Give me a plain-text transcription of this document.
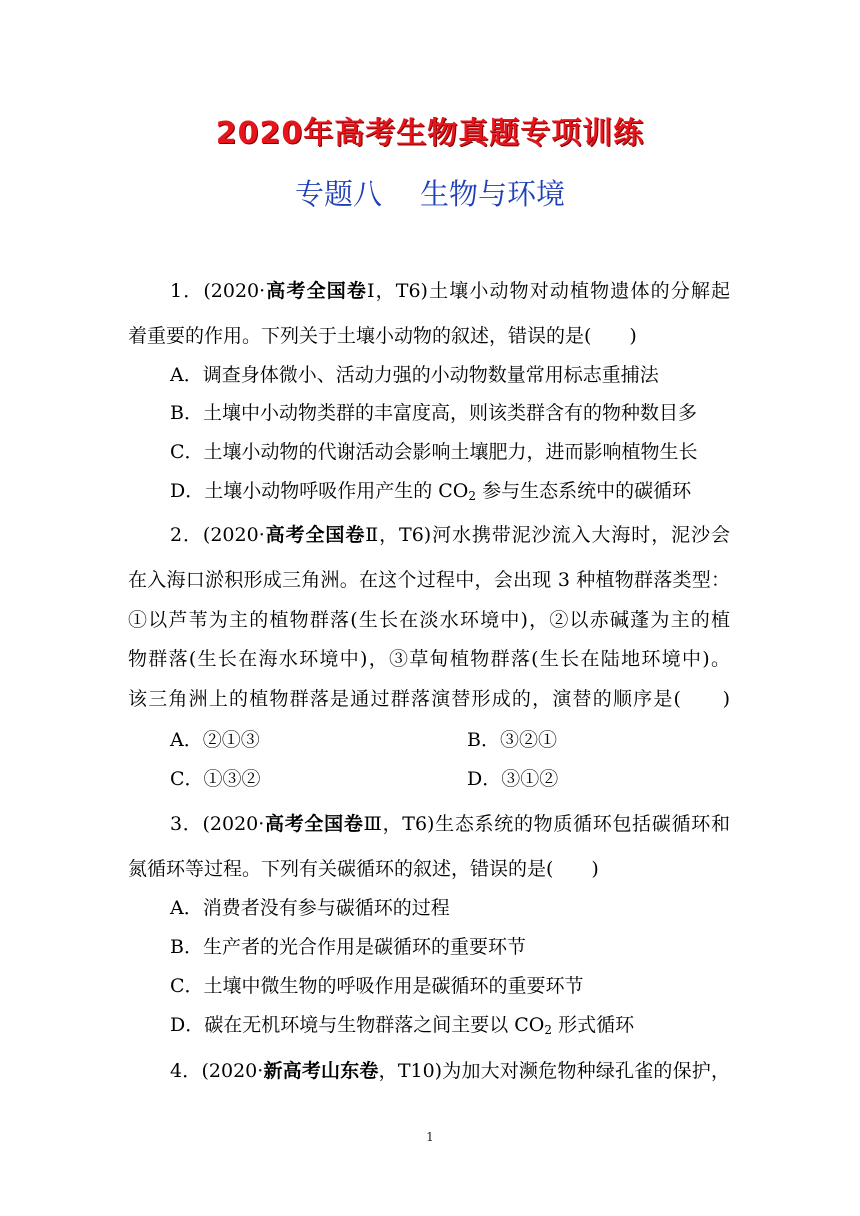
2020年高考生物真题专项训练
专题八 生物与环境
1．(2020·高考全国卷Ⅰ，T6)土壤小动物对动植物遗体的分解起
着重要的作用。下列关于土壤小动物的叙述，错误的是(　　)
A．调查身体微小、活动力强的小动物数量常用标志重捕法
B．土壤中小动物类群的丰富度高，则该类群含有的物种数目多
C．土壤小动物的代谢活动会影响土壤肥力，进而影响植物生长
D．土壤小动物呼吸作用产生的 $CO_2$ 参与生态系统中的碳循环
2．(2020·高考全国卷Ⅱ，T6)河水携带泥沙流入大海时，泥沙会
在入海口淤积形成三角洲。在这个过程中，会出现 3 种植物群落类型：
①以芦苇为主的植物群落(生长在淡水环境中)，②以赤碱蓬为主的植
物群落(生长在海水环境中)，③草甸植物群落(生长在陆地环境中)。
该三角洲上的植物群落是通过群落演替形成的，演替的顺序是(　　)
A．②①③	B．③②①
C．①③②	D．③①②
3．(2020·高考全国卷Ⅲ，T6)生态系统的物质循环包括碳循环和
氮循环等过程。下列有关碳循环的叙述，错误的是(　　)
A．消费者没有参与碳循环的过程
B．生产者的光合作用是碳循环的重要环节
C．土壤中微生物的呼吸作用是碳循环的重要环节
D．碳在无机环境与生物群落之间主要以 $CO_2$ 形式循环
4．(2020·新高考山东卷，T10)为加大对濒危物种绿孔雀的保护，
1
